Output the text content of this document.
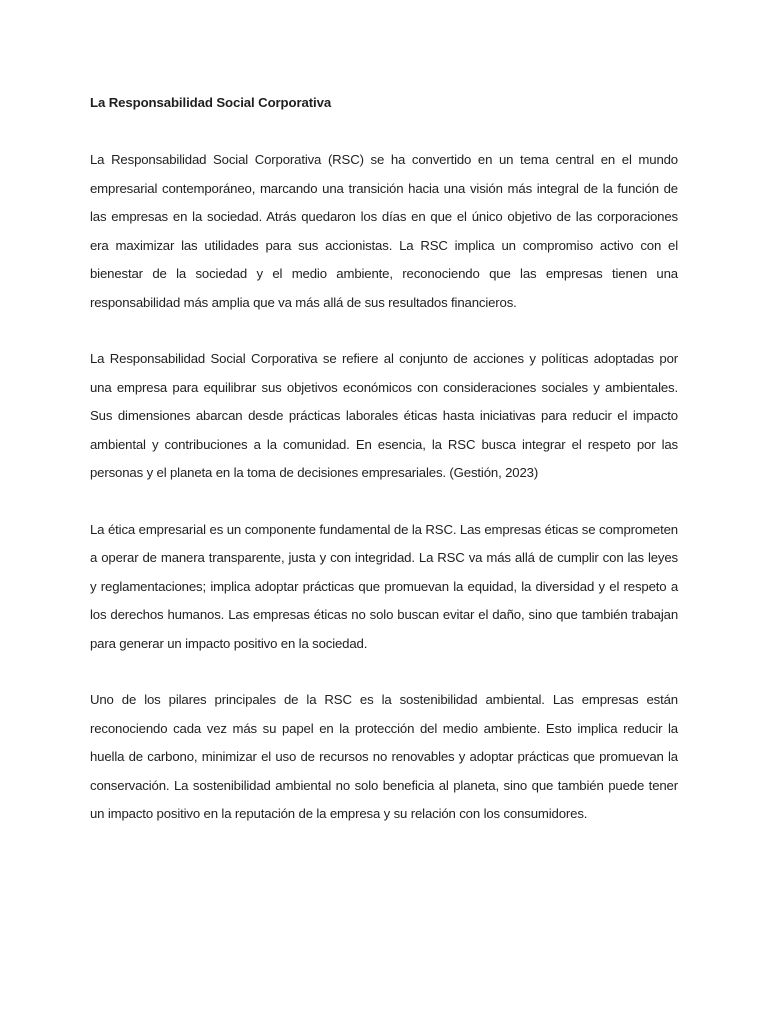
La Responsabilidad Social Corporativa

La Responsabilidad Social Corporativa (RSC) se ha convertido en un tema central en el mundo empresarial contemporáneo, marcando una transición hacia una visión más integral de la función de las empresas en la sociedad. Atrás quedaron los días en que el único objetivo de las corporaciones era maximizar las utilidades para sus accionistas. La RSC implica un compromiso activo con el bienestar de la sociedad y el medio ambiente, reconociendo que las empresas tienen una responsabilidad más amplia que va más allá de sus resultados financieros.

La Responsabilidad Social Corporativa se refiere al conjunto de acciones y políticas adoptadas por una empresa para equilibrar sus objetivos económicos con consideraciones sociales y ambientales. Sus dimensiones abarcan desde prácticas laborales éticas hasta iniciativas para reducir el impacto ambiental y contribuciones a la comunidad. En esencia, la RSC busca integrar el respeto por las personas y el planeta en la toma de decisiones empresariales. (Gestión, 2023)

La ética empresarial es un componente fundamental de la RSC. Las empresas éticas se comprometen a operar de manera transparente, justa y con integridad. La RSC va más allá de cumplir con las leyes y reglamentaciones; implica adoptar prácticas que promuevan la equidad, la diversidad y el respeto a los derechos humanos. Las empresas éticas no solo buscan evitar el daño, sino que también trabajan para generar un impacto positivo en la sociedad.

Uno de los pilares principales de la RSC es la sostenibilidad ambiental. Las empresas están reconociendo cada vez más su papel en la protección del medio ambiente. Esto implica reducir la huella de carbono, minimizar el uso de recursos no renovables y adoptar prácticas que promuevan la conservación. La sostenibilidad ambiental no solo beneficia al planeta, sino que también puede tener un impacto positivo en la reputación de la empresa y su relación con los consumidores.
